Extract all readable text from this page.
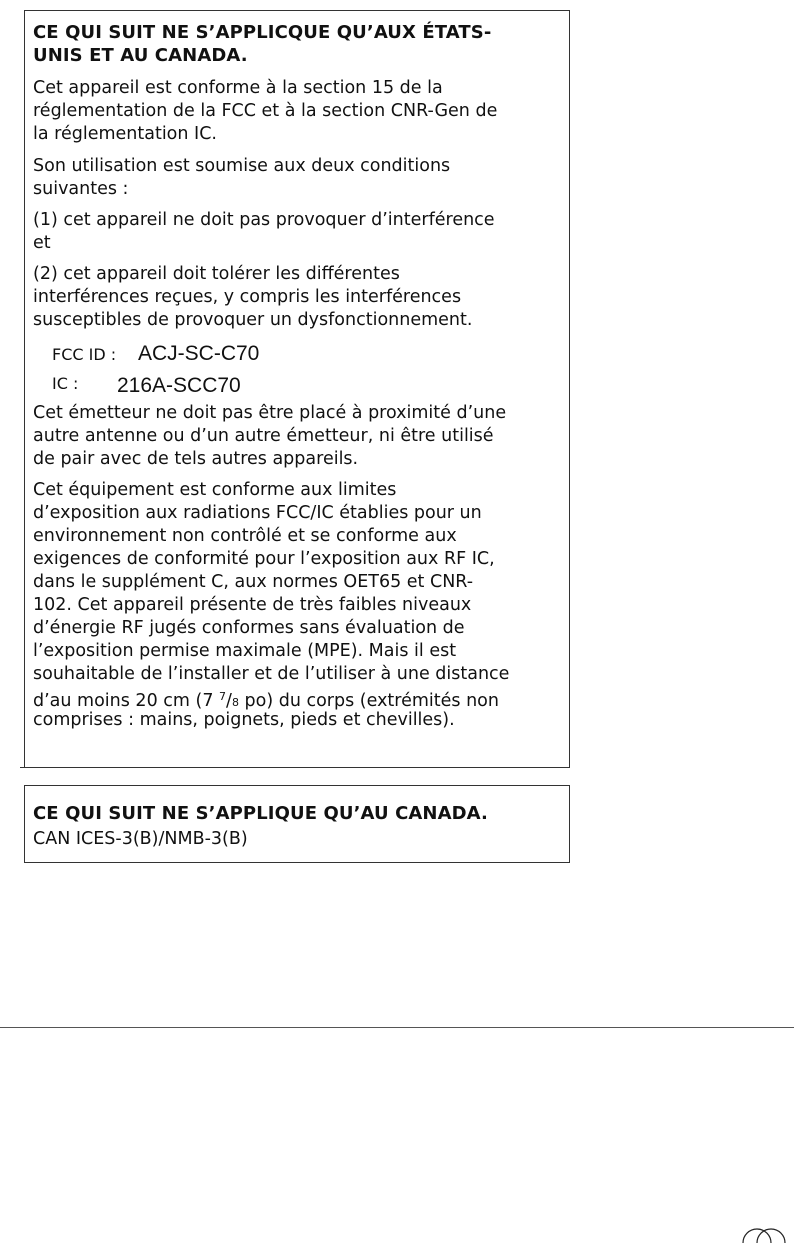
CE QUI SUIT NE S’APPLICQUE QU’AUX ÉTATS-
UNIS ET AU CANADA.
Cet appareil est conforme à la section 15 de la
réglementation de la FCC et à la section CNR-Gen de
la réglementation IC.
Son utilisation est soumise aux deux conditions
suivantes :
(1) cet appareil ne doit pas provoquer d’interférence
et
(2) cet appareil doit tolérer les différentes
interférences reçues, y compris les interférences
susceptibles de provoquer un dysfonctionnement.
FCC ID : ACJ-SC-C70
IC : 216A-SCC70
Cet émetteur ne doit pas être placé à proximité d’une
autre antenne ou d’un autre émetteur, ni être utilisé
de pair avec de tels autres appareils.
Cet équipement est conforme aux limites
d’exposition aux radiations FCC/IC établies pour un
environnement non contrôlé et se conforme aux
exigences de conformité pour l’exposition aux RF IC,
dans le supplément C, aux normes OET65 et CNR-
102. Cet appareil présente de très faibles niveaux
d’énergie RF jugés conformes sans évaluation de
l’exposition permise maximale (MPE). Mais il est
souhaitable de l’installer et de l’utiliser à une distance
d’au moins 20 cm (7 $^7$/8 po) du corps (extrémités non
comprises : mains, poignets, pieds et chevilles).
CE QUI SUIT NE S’APPLIQUE QU’AU CANADA.
CAN ICES-3(B)/NMB-3(B)
